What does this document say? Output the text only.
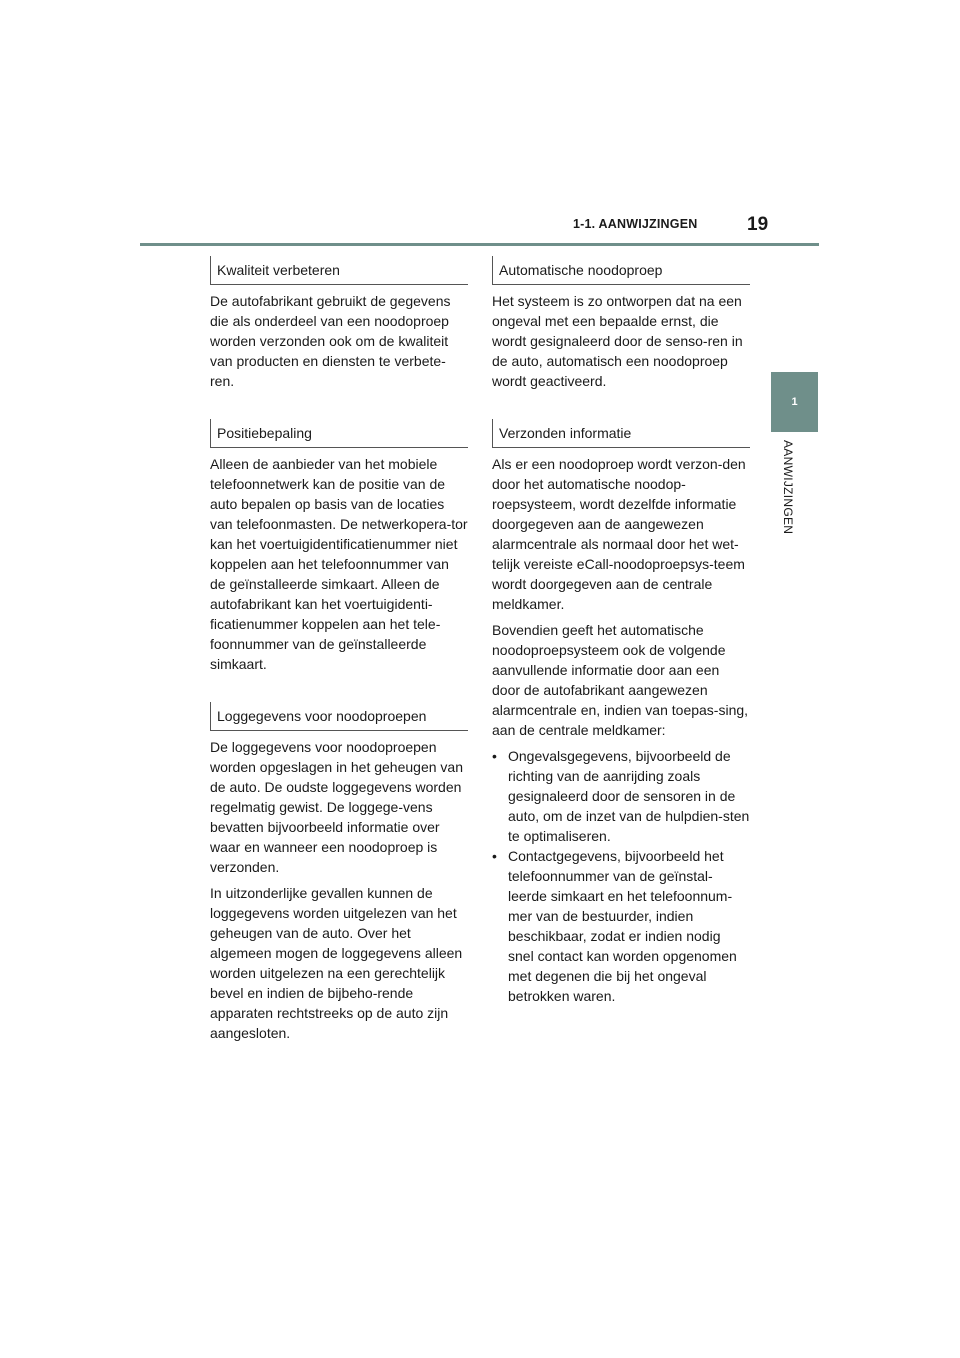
1-1. AANWIJZINGEN	19
1
AANWIJZINGEN
Kwaliteit verbeteren

De autofabrikant gebruikt de gegevens die als onderdeel van een noodoproep worden verzonden ook om de kwaliteit van producten en diensten te verbete-ren.

Positiebepaling

Alleen de aanbieder van het mobiele telefoonnetwerk kan de positie van de auto bepalen op basis van de locaties van telefoonmasten. De netwerkopera-tor kan het voertuigidentificatienummer niet koppelen aan het telefoonnummer van de geïnstalleerde simkaart. Alleen de autofabrikant kan het voertuigidenti-ficatienummer koppelen aan het tele-foonnummer van de geïnstalleerde simkaart.

Loggegevens voor noodoproepen

De loggegevens voor noodoproepen worden opgeslagen in het geheugen van de auto. De oudste loggegevens worden regelmatig gewist. De loggege-vens bevatten bijvoorbeeld informatie over waar en wanneer een noodoproep is verzonden.

In uitzonderlijke gevallen kunnen de loggegevens worden uitgelezen van het geheugen van de auto. Over het algemeen mogen de loggegevens alleen worden uitgelezen na een gerechtelijk bevel en indien de bijbeho-rende apparaten rechtstreeks op de auto zijn aangesloten.

Automatische noodoproep

Het systeem is zo ontworpen dat na een ongeval met een bepaalde ernst, die wordt gesignaleerd door de senso-ren in de auto, automatisch een noodoproep wordt geactiveerd.

Verzonden informatie

Als er een noodoproep wordt verzon-den door het automatische noodop-roepsysteem, wordt dezelfde informatie doorgegeven aan de aangewezen alarmcentrale als normaal door het wet-telijk vereiste eCall-noodoproepsys-teem wordt doorgegeven aan de centrale meldkamer.

Bovendien geeft het automatische noodoproepsysteem ook de volgende aanvullende informatie door aan een door de autofabrikant aangewezen alarmcentrale en, indien van toepas-sing, aan de centrale meldkamer:

• Ongevalsgegevens, bijvoorbeeld de richting van de aanrijding zoals gesignaleerd door de sensoren in de auto, om de inzet van de hulpdien-sten te optimaliseren.
• Contactgegevens, bijvoorbeeld het telefoonnummer van de geïnstal-leerde simkaart en het telefoonnum-mer van de bestuurder, indien beschikbaar, zodat er indien nodig snel contact kan worden opgenomen met degenen die bij het ongeval betrokken waren.
